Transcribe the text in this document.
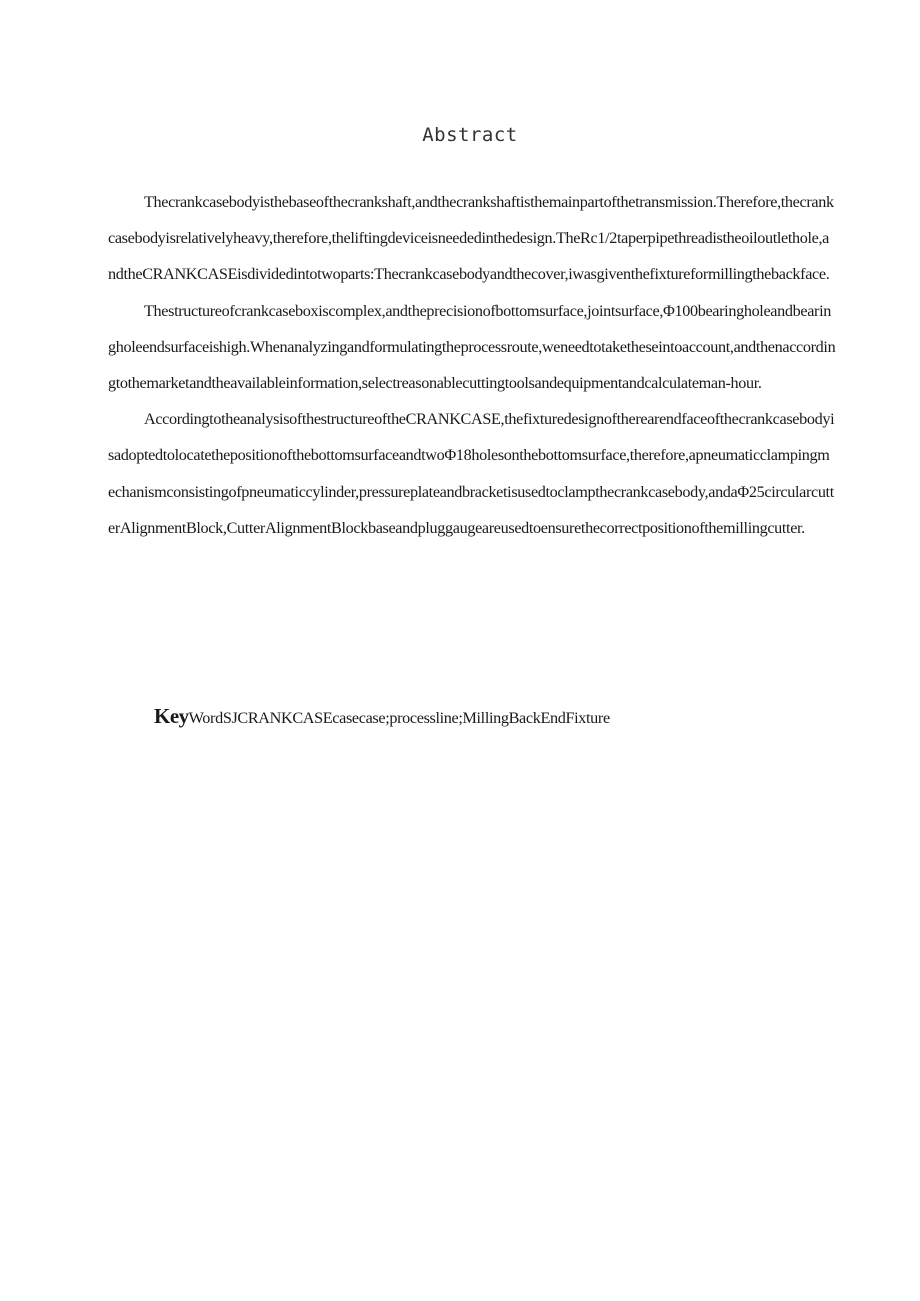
Abstract

Thecrankcasebodyisthebaseofthecrankshaft,andthecrankshaftisthemainpartofthetransmission.Therefore,thecrankcasebodyisrelativelyheavy,therefore,theliftingdeviceisneededinthedesign.TheRc1/2taperpipethreadistheoiloutlethole,andtheCRANKCASEisdividedintotwoparts:Thecrankcasebodyandthecover,iwasgiventhefixtureformillingthebackface.

Thestructureofcrankcaseboxiscomplex,andtheprecisionofbottomsurface,jointsurface,Φ100bearingholeandbearingholeendsurfaceishigh.Whenanalyzingandformulatingtheprocessroute,weneedtotaketheseintoaccount,andthenaccordingtothemarketandtheavailableinformation,selectreasonablecuttingtoolsandequipmentandcalculateman-hour.

AccordingtotheanalysisofthestructureoftheCRANKCASE,thefixturedesignoftherearendfaceofthecrankcasebodyisadoptedtolocatethepositionofthebottomsurfaceandtwoΦ18holesonthebottomsurface,therefore,apneumaticclampingmechanismconsistingofpneumaticcylinder,pressureplateandbracketisusedtoclampthecrankcasebody,andaΦ25circularcutterAlignmentBlock,CutterAlignmentBlockbaseandpluggaugeareusedtoensurethecorrectpositionofthemillingcutter.

KeyWordSJCRANKCASEcasecase;processline;MillingBackEndFixture
